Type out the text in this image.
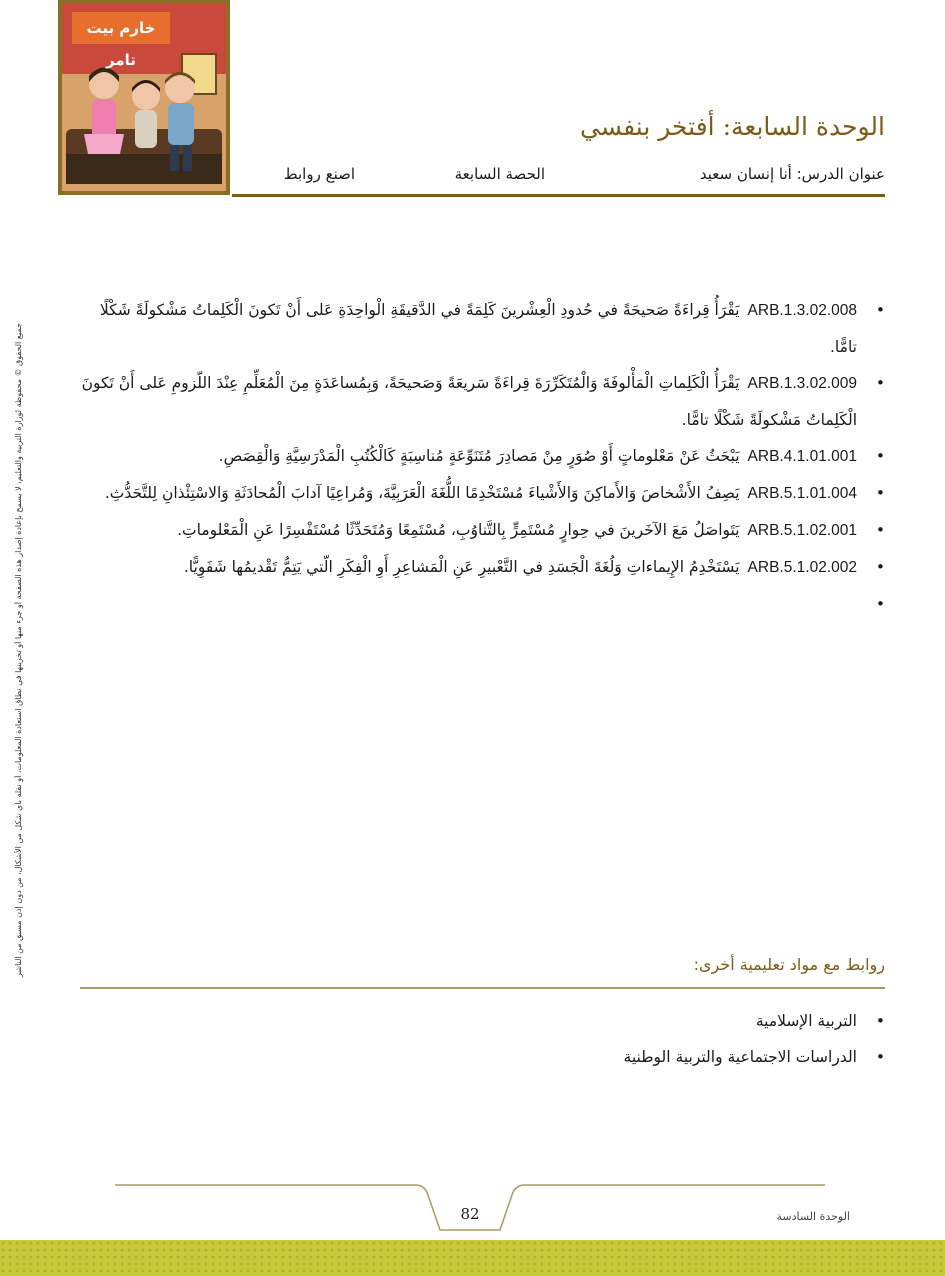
خارم بيت تامر
الوحدة السابعة: أفتخر بنفسي
عنوان الدرس: أنا إنسان سعيد
الحصة السابعة
اصنع روابط
جميع الحقوق © محفوظة لوزارة التربية والتعليم، لا يسمح بإعادة إصدار هذه الصفحة أو جزء منها أو تخزينها في نطاق استعادة المعلومات، أو نقله بأي شكل من الأشكال، من دون إذن مسبق من الناشر
• ARB.1.3.02.008يَقْرَأُ قِراءَةً صَحيحَةً في حُدودِ الْعِشْرينَ كَلِمَةً في الدَّقيقَةِ الْواحِدَةِ عَلى أَنْ تَكونَ الْكَلِماتُ مَشْكولَةً شَكْلًا تامًّا.
• ARB.1.3.02.009يَقْرَأُ الْكَلِماتِ الْمَأْلوفَةَ وَالْمُتَكَرِّرَةَ قِراءَةً سَريعَةً وَصَحيحَةً، وَبِمُساعَدَةٍ مِنَ الْمُعَلِّمِ عِنْدَ اللّزومِ عَلى أَنْ تَكونَ الْكَلِماتُ مَشْكولَةً شَكْلًا تامًّا.
• ARB.4.1.01.001يَبْحَثُ عَنْ مَعْلوماتٍ أَوْ صُوَرٍ مِنْ مَصادِرَ مُتَنَوِّعَةٍ مُناسِبَةٍ كَالْكُتُبِ الْمَدْرَسِيَّةِ وَالْقِصَصِ.
• ARB.5.1.01.004يَصِفُ الأَشْخاصَ وَالأَماكِنَ وَالأَشْياءَ مُسْتَخْدِمًا اللُّغَةَ الْعَرَبِيَّةَ، وَمُراعِيًا آدابَ الْمُحادَثَةِ وَالاسْتِئْذانِ لِلتَّحَدُّثِ.
• ARB.5.1.02.001يَتَواصَلُ مَعَ الآخَرينَ في حِوارٍ مُسْتَمِرٍّ بِالتَّناوُبِ، مُسْتَمِعًا وَمُتَحَدِّثًا مُسْتَفْسِرًا عَنِ الْمَعْلوماتِ.
• ARB.5.1.02.002يَسْتَخْدِمُ الإِيماءاتِ وَلُغَةَ الْجَسَدِ في التَّعْبيرِ عَنِ الْمَشاعِرِ أَوِ الْفِكَرِ الّتي يَتِمُّ تَقْديمُها شَفَوِيًّا.
•
روابط مع مواد تعليمية أخرى:
• التربية الإسلامية
• الدراسات الاجتماعية والتربية الوطنية
82	الوحدة السادسة
